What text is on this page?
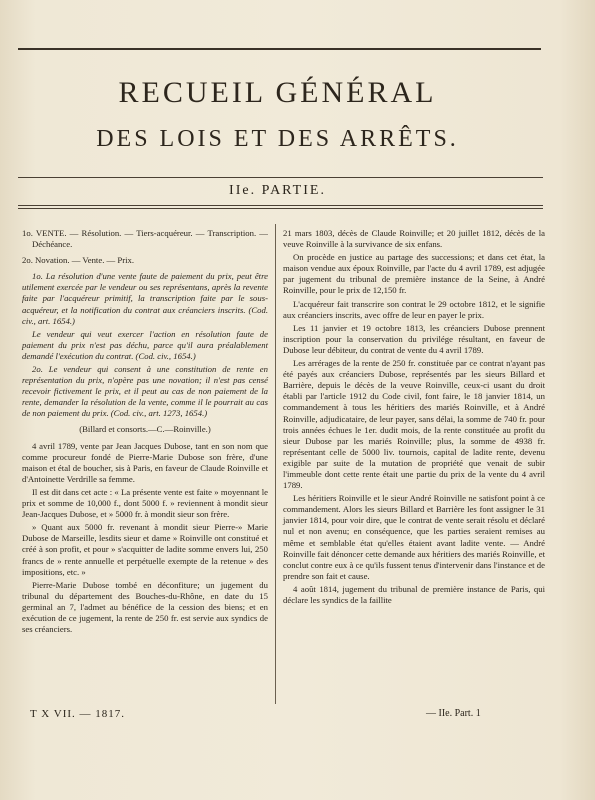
RECUEIL GÉNÉRAL
DES LOIS ET DES ARRÊTS.
IIe. PARTIE.

1o. VENTE. — Résolution. — Tiers-acquéreur. — Transcription. — Déchéance.

2o. Novation. — Vente. — Prix.

1o. La résolution d'une vente faute de paiement du prix, peut être utilement exercée par le vendeur ou ses représentans, après la revente faite par l'acquéreur primitif, la transcription faite par le sous-acquéreur, et la notification du contrat aux créanciers inscrits. (Cod. civ., art. 1654.)

Le vendeur qui veut exercer l'action en résolution faute de paiement du prix n'est pas déchu, parce qu'il aura préalablement demandé l'exécution du contrat. (Cod. civ., 1654.)

2o. Le vendeur qui consent à une constitution de rente en représentation du prix, n'opère pas une novation; il n'est pas censé recevoir fictivement le prix, et il peut au cas de non paiement de la rente, demander la résolution de la vente, comme il le pourrait au cas de non paiement du prix. (Cod. civ., art. 1273, 1654.)

(Billard et consorts.—C.—Roinville.)

4 avril 1789, vente par Jean Jacques Dubose, tant en son nom que comme procureur fondé de Pierre-Marie Dubose son frère, d'une maison et étal de boucher, sis à Paris, en faveur de Claude Roinville et d'Antoinette Verdrille sa femme.

Il est dit dans cet acte : « La présente vente est faite » moyennant le prix et somme de 10,000 f., dont 5000 f. » reviennent à mondit sieur Jean-Jacques Dubose, et » 5000 fr. à mondit sieur son frère.

» Quant aux 5000 fr. revenant à mondit sieur Pierre-» Marie Dubose de Marseille, lesdits sieur et dame » Roinville ont constitué et créé à son profit, et pour » s'acquitter de ladite somme envers lui, 250 francs de » rente annuelle et perpétuelle exempte de la retenue » des impositions, etc. »

Pierre-Marie Dubose tombé en déconfiture; un jugement du tribunal du département des Bouches-du-Rhône, en date du 15 germinal an 7, l'admet au bénéfice de la cession des biens; et en exécution de ce jugement, la rente de 250 fr. est servie aux syndics de ses créanciers.

21 mars 1803, décès de Claude Roinville; et 20 juillet 1812, décès de la veuve Roinville à la survivance de six enfans.

On procède en justice au partage des successions; et dans cet état, la maison vendue aux époux Roinville, par l'acte du 4 avril 1789, est adjugée par jugement du tribunal de première instance de la Seine, à André Roinville, pour le prix de 12,150 fr.

L'acquéreur fait transcrire son contrat le 29 octobre 1812, et le signifie aux créanciers inscrits, avec offre de leur en payer le prix.

Les 11 janvier et 19 octobre 1813, les créanciers Dubose prennent inscription pour la conservation du privilége résultant, en faveur de Dubose leur débiteur, du contrat de vente du 4 avril 1789.

Les arrérages de la rente de 250 fr. constituée par ce contrat n'ayant pas été payés aux créanciers Dubose, représentés par les sieurs Billard et Barrière, depuis le décès de la veuve Roinville, ceux-ci usant du droit établi par l'article 1912 du Code civil, font faire, le 18 janvier 1814, un commandement à tous les héritiers des mariés Roinville, et à André Roinville, adjudicataire, de leur payer, sans délai, la somme de 740 fr. pour trois années échues le 1er. dudit mois, de la rente constituée au profit du sieur Dubose par les mariés Roinville; plus, la somme de 4938 fr. représentant celle de 5000 liv. tournois, capital de ladite rente, devenu exigible par suite de la mutation de propriété que venait de subir l'immeuble dont cette rente était une partie du prix de la vente du 4 avril 1789.

Les héritiers Roinville et le sieur André Roinville ne satisfont point à ce commandement. Alors les sieurs Billard et Barrière les font assigner le 31 janvier 1814, pour voir dire, que le contrat de vente serait résolu et déclaré nul et non avenu; en conséquence, que les parties seraient remises au même et semblable état qu'elles étaient avant ladite vente. — André Roinville fait dénoncer cette demande aux héritiers des mariés Roinville, et conclut contre eux à ce qu'ils fussent tenus d'intervenir dans l'instance et de prendre son fait et cause.

4 août 1814, jugement du tribunal de première instance de Paris, qui déclare les syndics de la faillite

T X VII. — 1817.	— IIe. Part. 1
